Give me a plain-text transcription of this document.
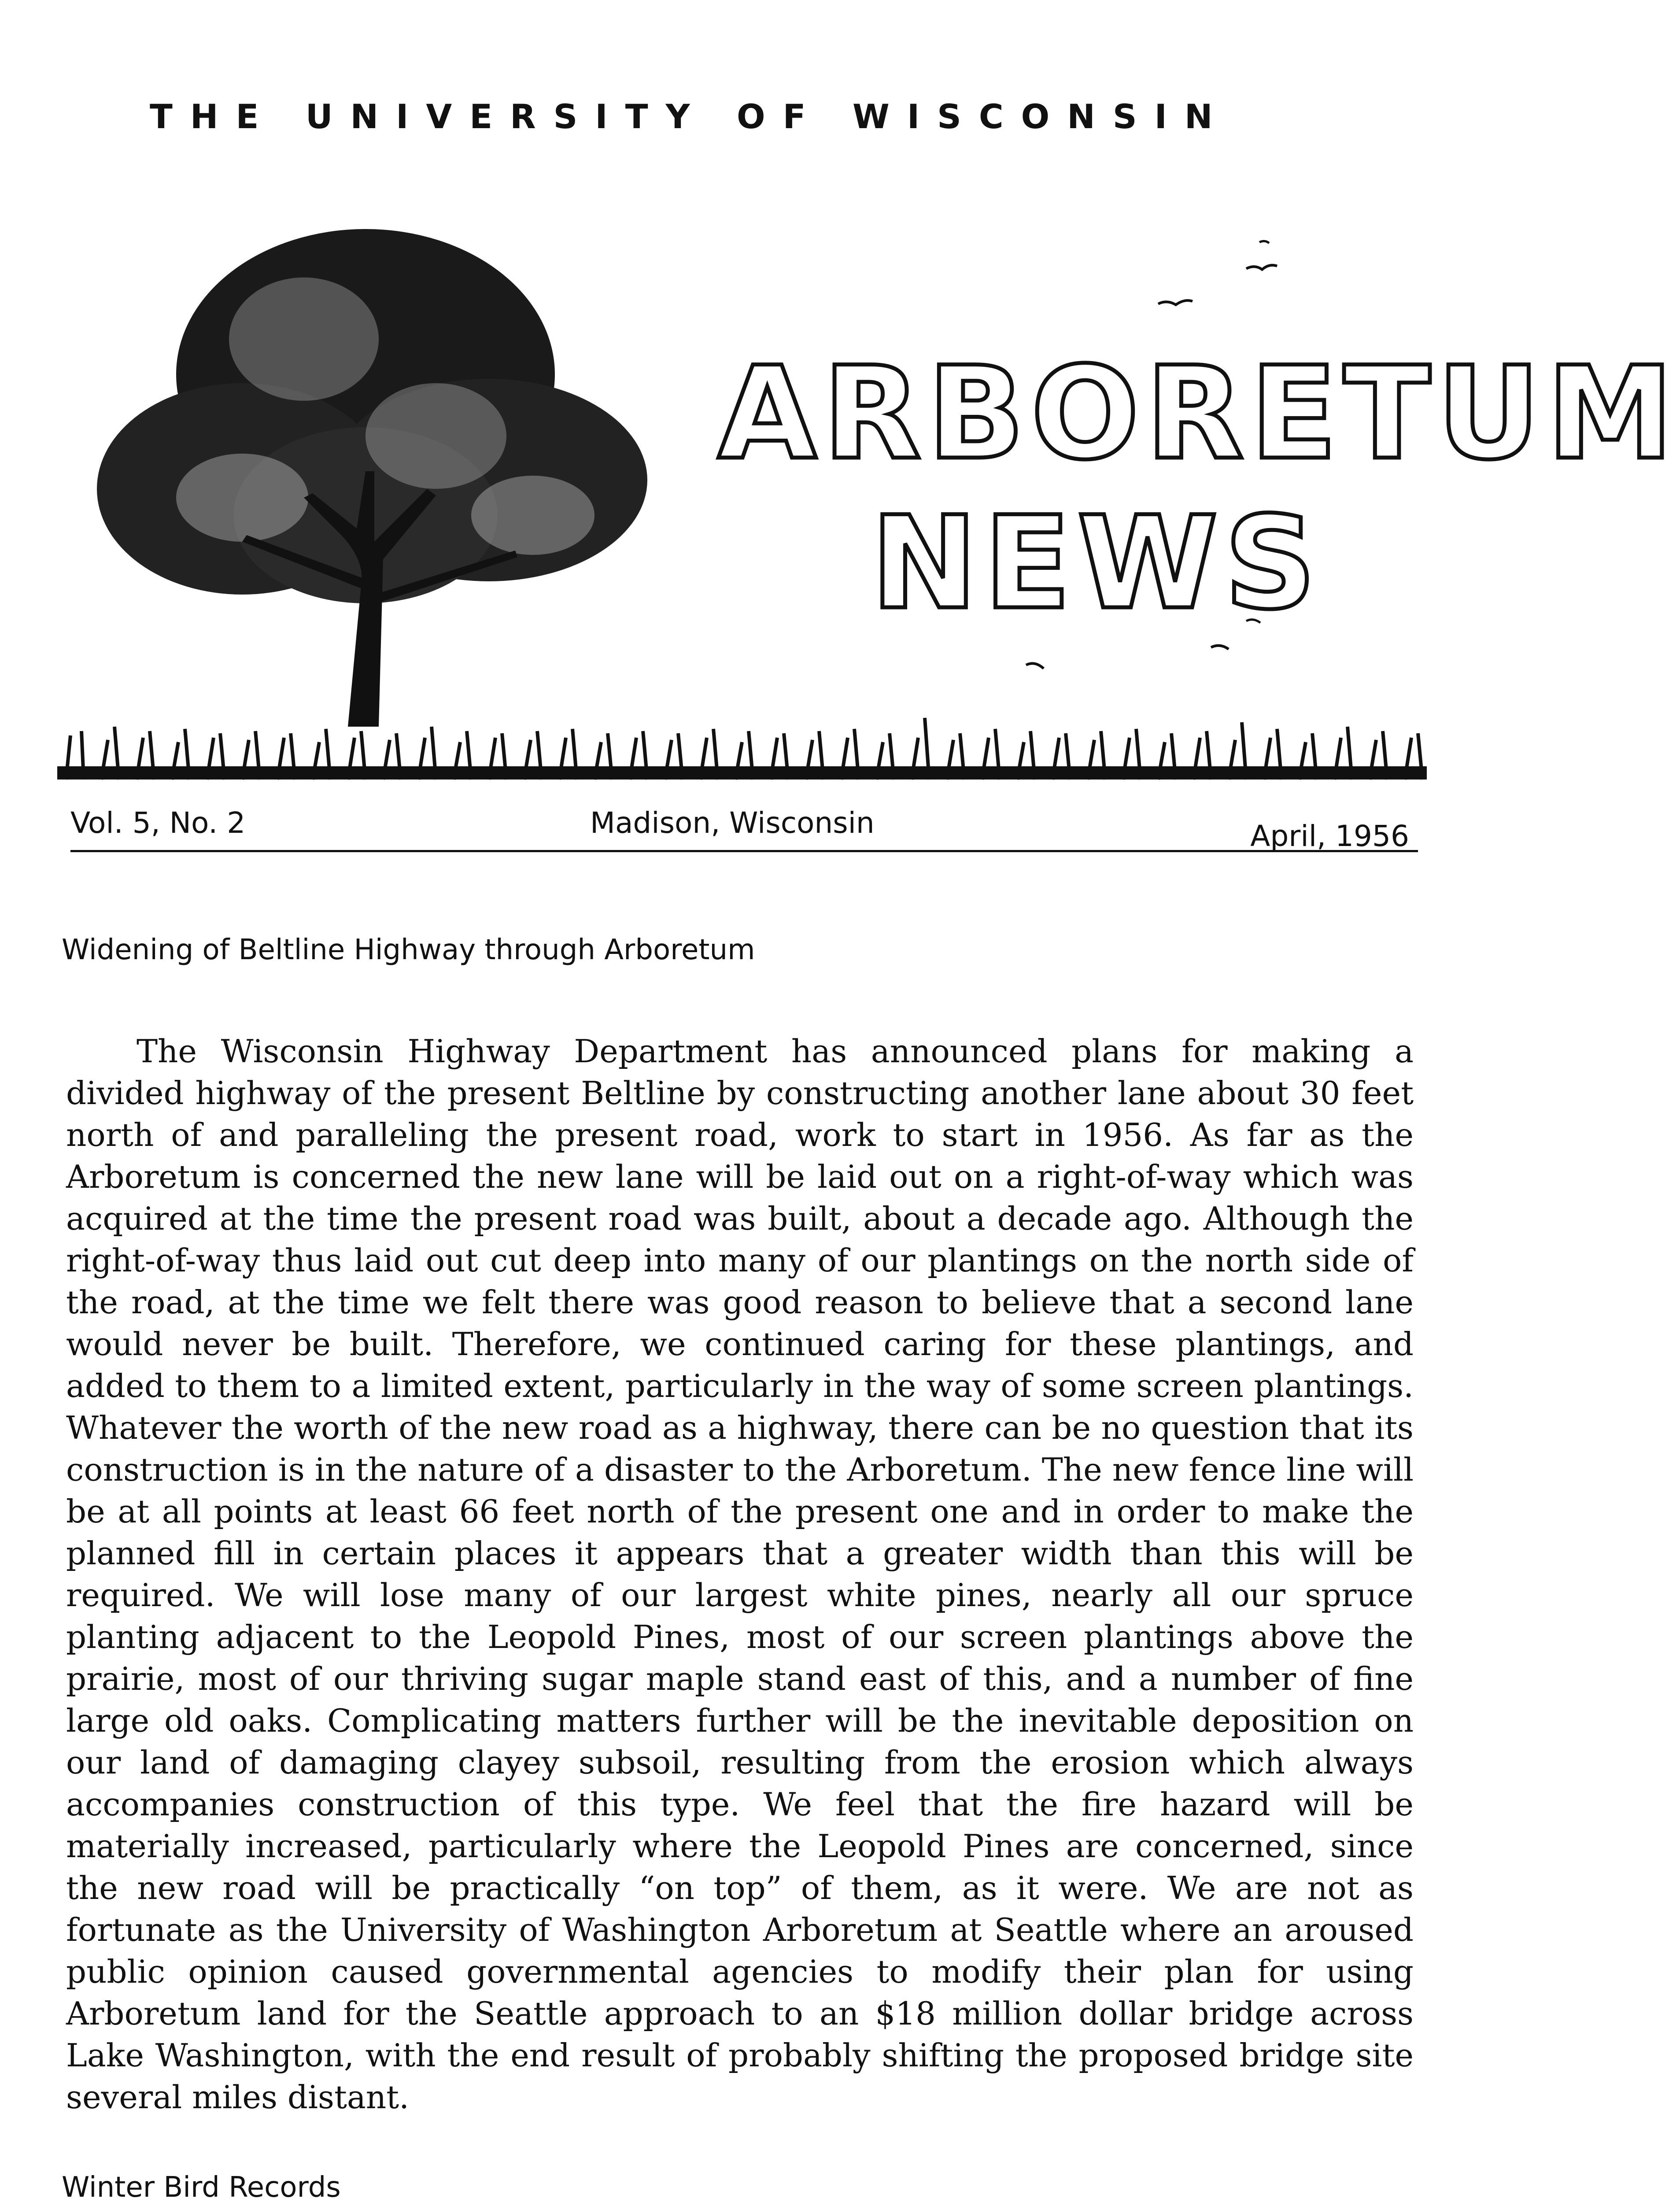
THE UNIVERSITY OF WISCONSIN
ARBORETUM
NEWS
Vol. 5, No. 2	Madison, Wisconsin	April, 1956
Widening of Beltline Highway through Arboretum

The Wisconsin Highway Department has announced plans for making a divided highway of the present Beltline by constructing another lane about 30 feet north of and paralleling the present road, work to start in 1956. As far as the Arboretum is concerned the new lane will be laid out on a right-of-way which was acquired at the time the present road was built, about a decade ago. Although the right-of-way thus laid out cut deep into many of our plantings on the north side of the road, at the time we felt there was good reason to believe that a second lane would never be built. Therefore, we continued caring for these plantings, and added to them to a limited extent, particularly in the way of some screen plantings. Whatever the worth of the new road as a highway, there can be no question that its construction is in the nature of a disaster to the Arboretum. The new fence line will be at all points at least 66 feet north of the present one and in order to make the planned fill in certain places it appears that a greater width than this will be required. We will lose many of our largest white pines, nearly all our spruce planting adjacent to the Leopold Pines, most of our screen plantings above the prairie, most of our thriving sugar maple stand east of this, and a number of fine large old oaks. Complicating matters further will be the inevitable deposition on our land of damaging clayey subsoil, resulting from the erosion which always accompanies construction of this type. We feel that the fire hazard will be materially increased, particularly where the Leopold Pines are concerned, since the new road will be practically “on top” of them, as it were. We are not as fortunate as the University of Washington Arboretum at Seattle where an aroused public opinion caused governmental agencies to modify their plan for using Arboretum land for the Seattle approach to an $18 million dollar bridge across Lake Washington, with the end result of probably shifting the proposed bridge site several miles distant.

Winter Bird Records
